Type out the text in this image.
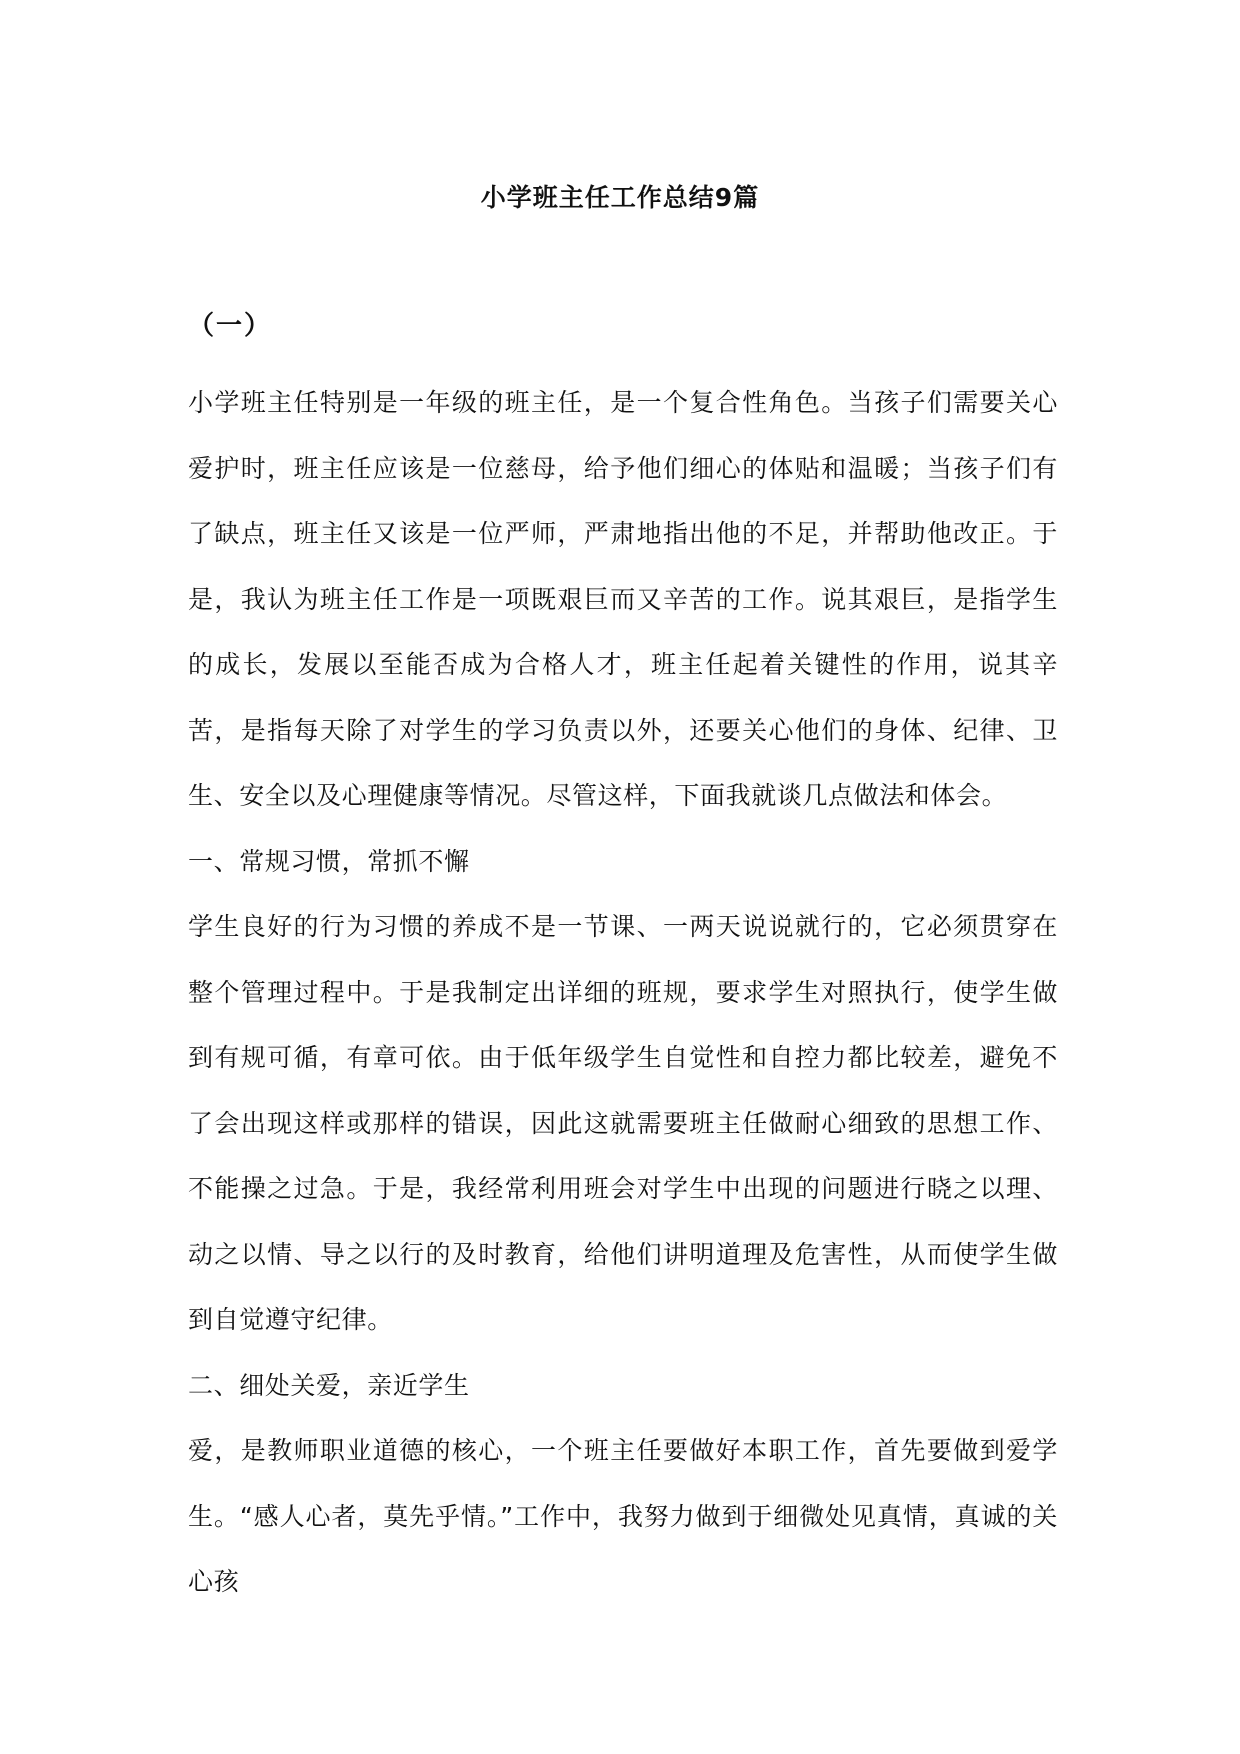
小学班主任工作总结9篇
（一）

小学班主任特别是一年级的班主任，是一个复合性角色。当孩子们需要关心爱护时，班主任应该是一位慈母，给予他们细心的体贴和温暖；当孩子们有了缺点，班主任又该是一位严师，严肃地指出他的不足，并帮助他改正。于是，我认为班主任工作是一项既艰巨而又辛苦的工作。说其艰巨，是指学生的成长，发展以至能否成为合格人才，班主任起着关键性的作用，说其辛苦，是指每天除了对学生的学习负责以外，还要关心他们的身体、纪律、卫生、安全以及心理健康等情况。尽管这样，下面我就谈几点做法和体会。

一、常规习惯，常抓不懈

学生良好的行为习惯的养成不是一节课、一两天说说就行的，它必须贯穿在整个管理过程中。于是我制定出详细的班规，要求学生对照执行，使学生做到有规可循，有章可依。由于低年级学生自觉性和自控力都比较差，避免不了会出现这样或那样的错误，因此这就需要班主任做耐心细致的思想工作、不能操之过急。于是，我经常利用班会对学生中出现的问题进行晓之以理、动之以情、导之以行的及时教育，给他们讲明道理及危害性，从而使学生做到自觉遵守纪律。

二、细处关爱，亲近学生

爱，是教师职业道德的核心，一个班主任要做好本职工作，首先要做到爱学生。“感人心者，莫先乎情。”工作中，我努力做到于细微处见真情，真诚的关心孩
